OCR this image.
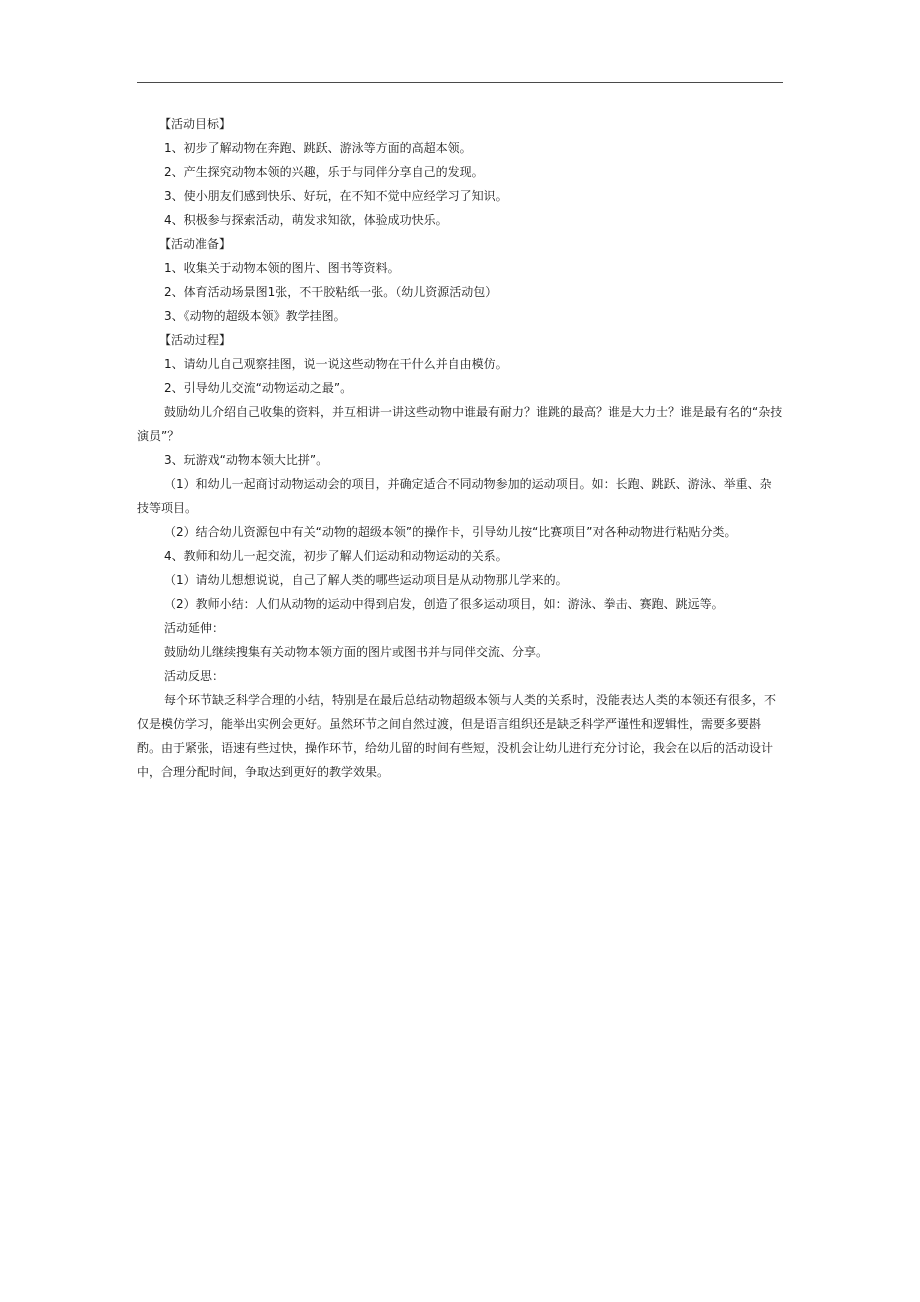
【活动目标】

1、初步了解动物在奔跑、跳跃、游泳等方面的高超本领。

2、产生探究动物本领的兴趣，乐于与同伴分享自己的发现。

3、使小朋友们感到快乐、好玩，在不知不觉中应经学习了知识。

4、积极参与探索活动，萌发求知欲，体验成功快乐。

【活动准备】

1、收集关于动物本领的图片、图书等资料。

2、体育活动场景图1张，不干胶粘纸一张。（幼儿资源活动包）

3、《动物的超级本领》教学挂图。

【活动过程】

1、请幼儿自己观察挂图，说一说这些动物在干什么并自由模仿。

2、引导幼儿交流“动物运动之最”。

鼓励幼儿介绍自己收集的资料，并互相讲一讲这些动物中谁最有耐力？谁跳的最高？谁是大力士？谁是最有名的“杂技演员”？

3、玩游戏“动物本领大比拼”。

（1）和幼儿一起商讨动物运动会的项目，并确定适合不同动物参加的运动项目。如：长跑、跳跃、游泳、举重、杂技等项目。

（2）结合幼儿资源包中有关“动物的超级本领”的操作卡，引导幼儿按“比赛项目”对各种动物进行粘贴分类。

4、教师和幼儿一起交流，初步了解人们运动和动物运动的关系。

（1）请幼儿想想说说，自己了解人类的哪些运动项目是从动物那儿学来的。

（2）教师小结：人们从动物的运动中得到启发，创造了很多运动项目，如：游泳、拳击、赛跑、跳远等。

活动延伸：

鼓励幼儿继续搜集有关动物本领方面的图片或图书并与同伴交流、分享。

活动反思：

每个环节缺乏科学合理的小结，特别是在最后总结动物超级本领与人类的关系时，没能表达人类的本领还有很多，不仅是模仿学习，能举出实例会更好。虽然环节之间自然过渡，但是语言组织还是缺乏科学严谨性和逻辑性，需要多要斟酌。由于紧张，语速有些过快，操作环节，给幼儿留的时间有些短，没机会让幼儿进行充分讨论，我会在以后的活动设计中，合理分配时间，争取达到更好的教学效果。
